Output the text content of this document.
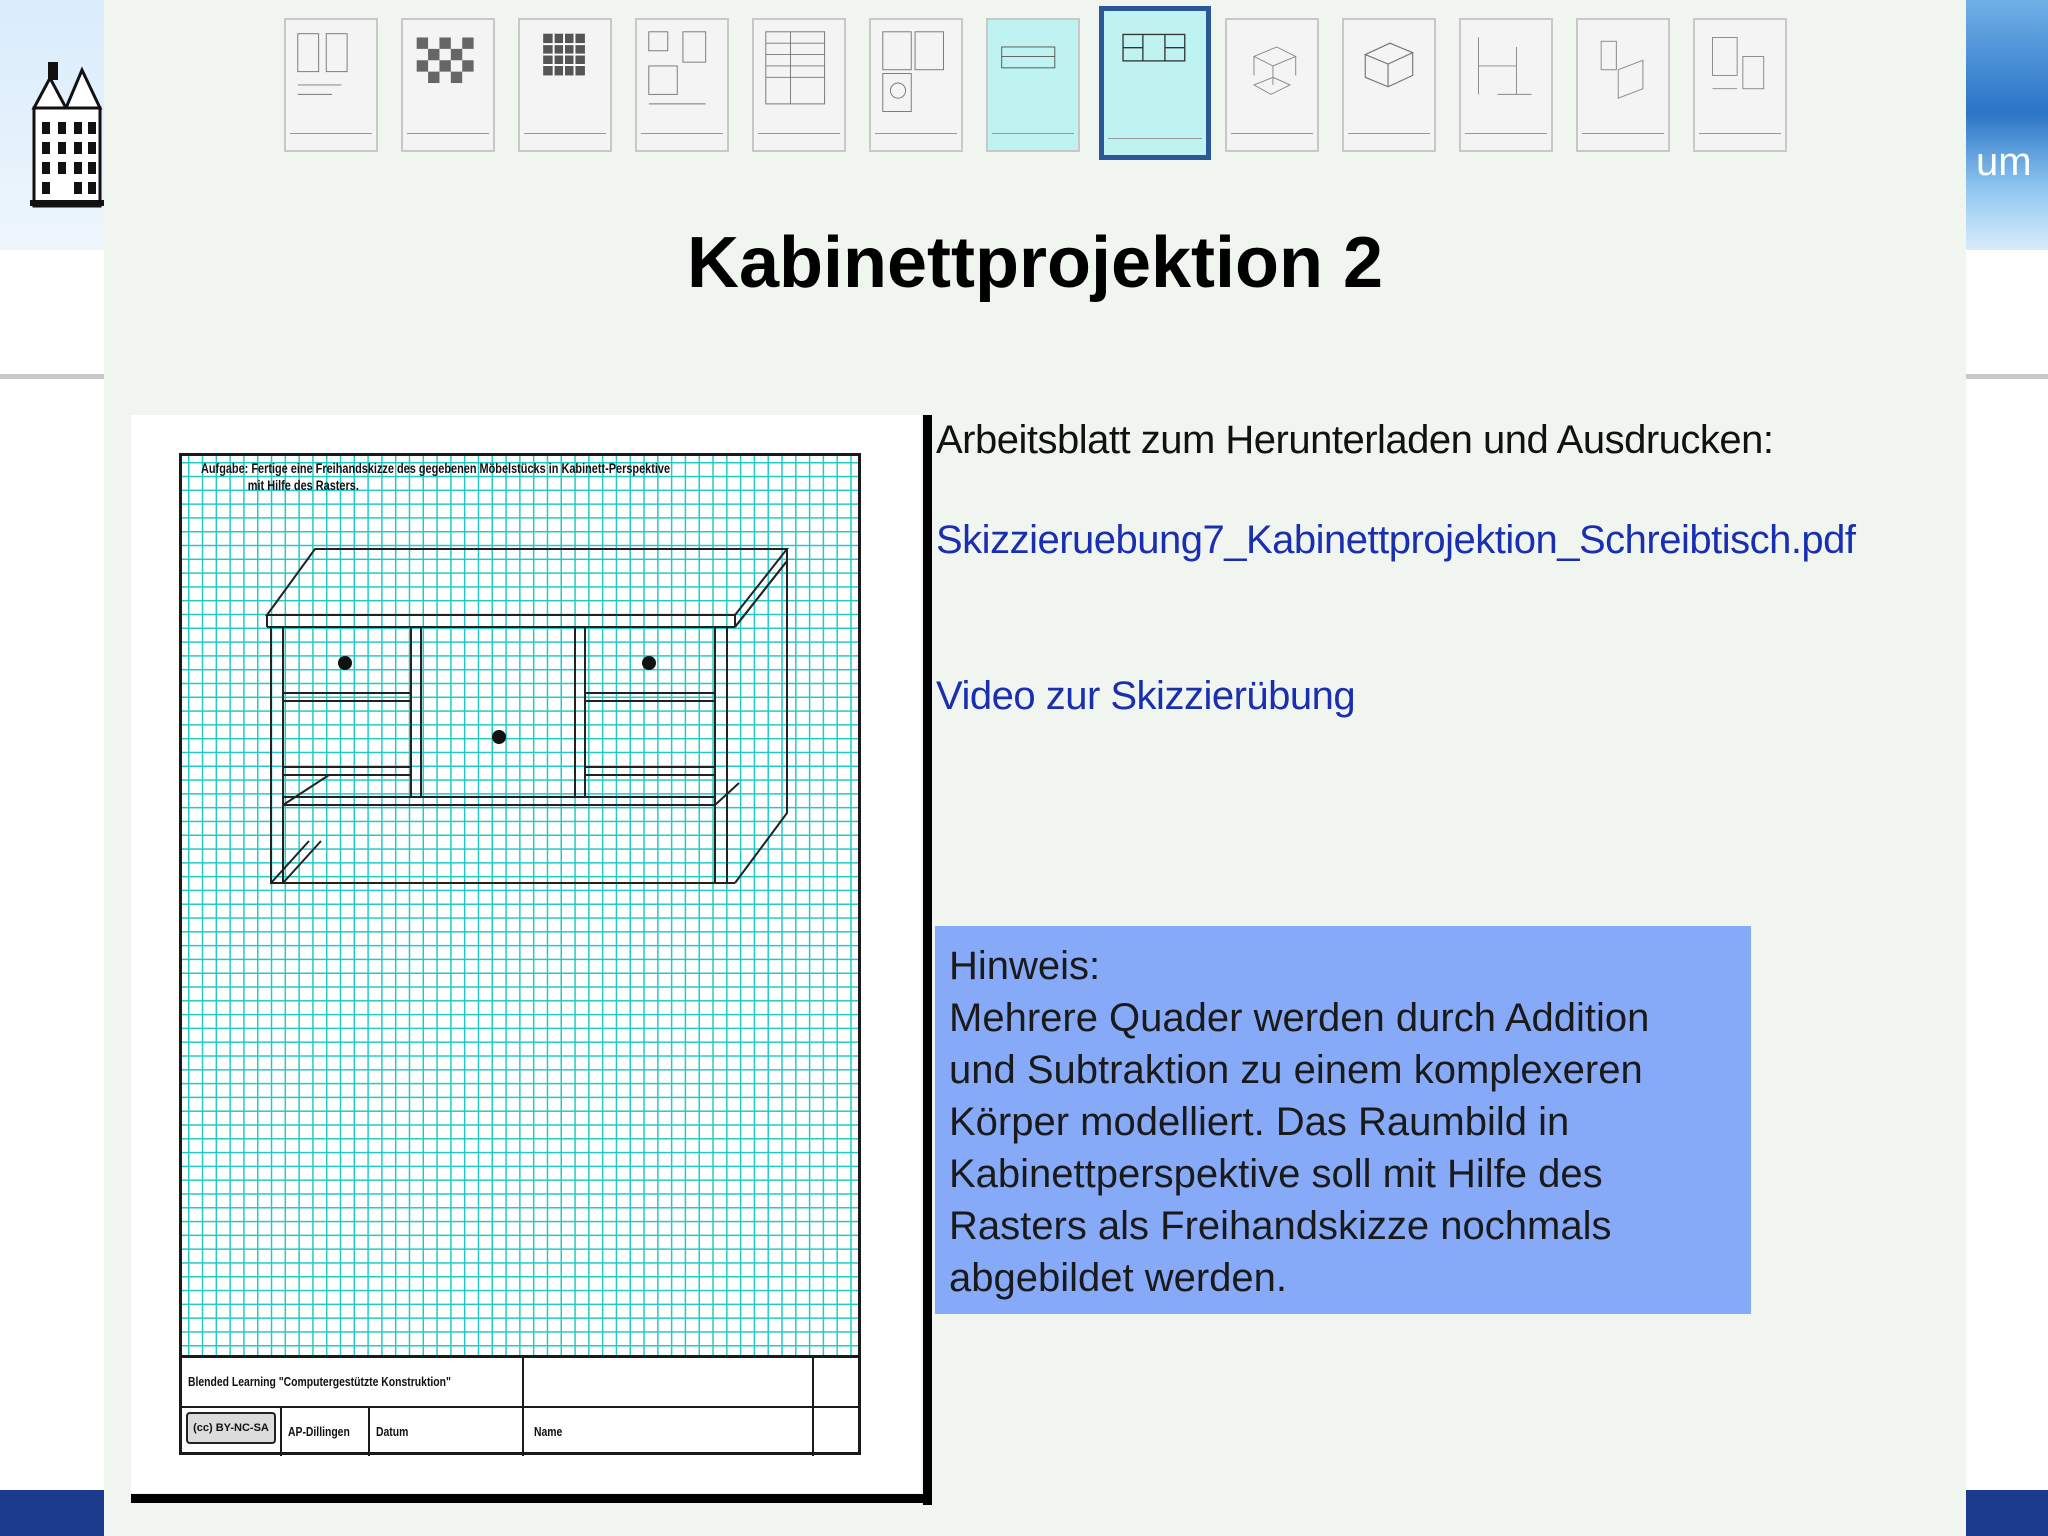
um
Kabinettprojektion 2
Aufgabe: Fertige eine Freihandskizze des gegebenen Möbelstücks in Kabinett-Perspektive
mit Hilfe des Rasters.
Blended Learning "Computergestützte Konstruktion"
(cc) BY-NC-SA	AP-Dillingen Datum	Name
Arbeitsblatt zum Herunterladen und Ausdrucken:
Skizzieruebung7_Kabinettprojektion_Schreibtisch.pdf
Video zur Skizzierübung
Hinweis:
Mehrere Quader werden durch Addition
und Subtraktion zu einem komplexeren
Körper modelliert. Das Raumbild in
Kabinettperspektive soll mit Hilfe des
Rasters als Freihandskizze nochmals
abgebildet werden.
